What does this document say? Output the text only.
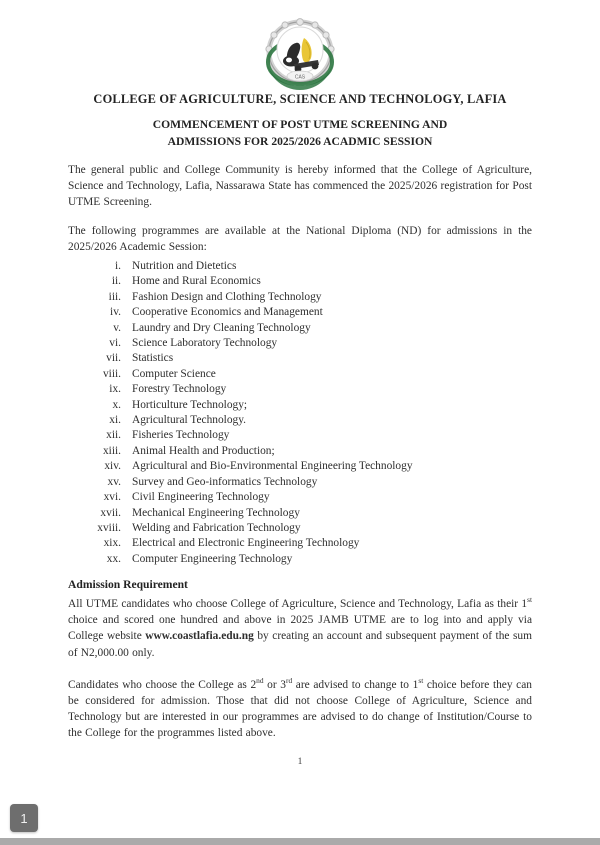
CAS
COLLEGE OF AGRICULTURE, SCIENCE AND TECHNOLOGY, LAFIA
COMMENCEMENT OF POST UTME SCREENING AND
ADMISSIONS FOR 2025/2026 ACADMIC SESSION

The general public and College Community is hereby informed that the College of Agriculture, Science and Technology, Lafia, Nassarawa State has commenced the 2025/2026 registration for Post UTME Screening.

The following programmes are available at the National Diploma (ND) for admissions in the 2025/2026 Academic Session:

i. Nutrition and Dietetics
ii. Home and Rural Economics
iii. Fashion Design and Clothing Technology
iv. Cooperative Economics and Management
v. Laundry and Dry Cleaning Technology
vi. Science Laboratory Technology
vii. Statistics
viii. Computer Science
ix. Forestry Technology
x. Horticulture Technology;
xi. Agricultural Technology.
xii. Fisheries Technology
xiii. Animal Health and Production;
xiv. Agricultural and Bio-Environmental Engineering Technology
xv. Survey and Geo-informatics Technology
xvi. Civil Engineering Technology
xvii. Mechanical Engineering Technology
xviii. Welding and Fabrication Technology
xix. Electrical and Electronic Engineering Technology
xx. Computer Engineering Technology
Admission Requirement

All UTME candidates who choose College of Agriculture, Science and Technology, Lafia as their 1st choice and scored one hundred and above in 2025 JAMB UTME are to log into and apply via College website www.coastlafia.edu.ng by creating an account and subsequent payment of the sum of N2,000.00 only.

Candidates who choose the College as 2nd or 3rd are advised to change to 1st choice before they can be considered for admission. Those that did not choose College of Agriculture, Science and Technology but are interested in our programmes are advised to do change of Institution/Course to the College for the programmes listed above.

1
1
